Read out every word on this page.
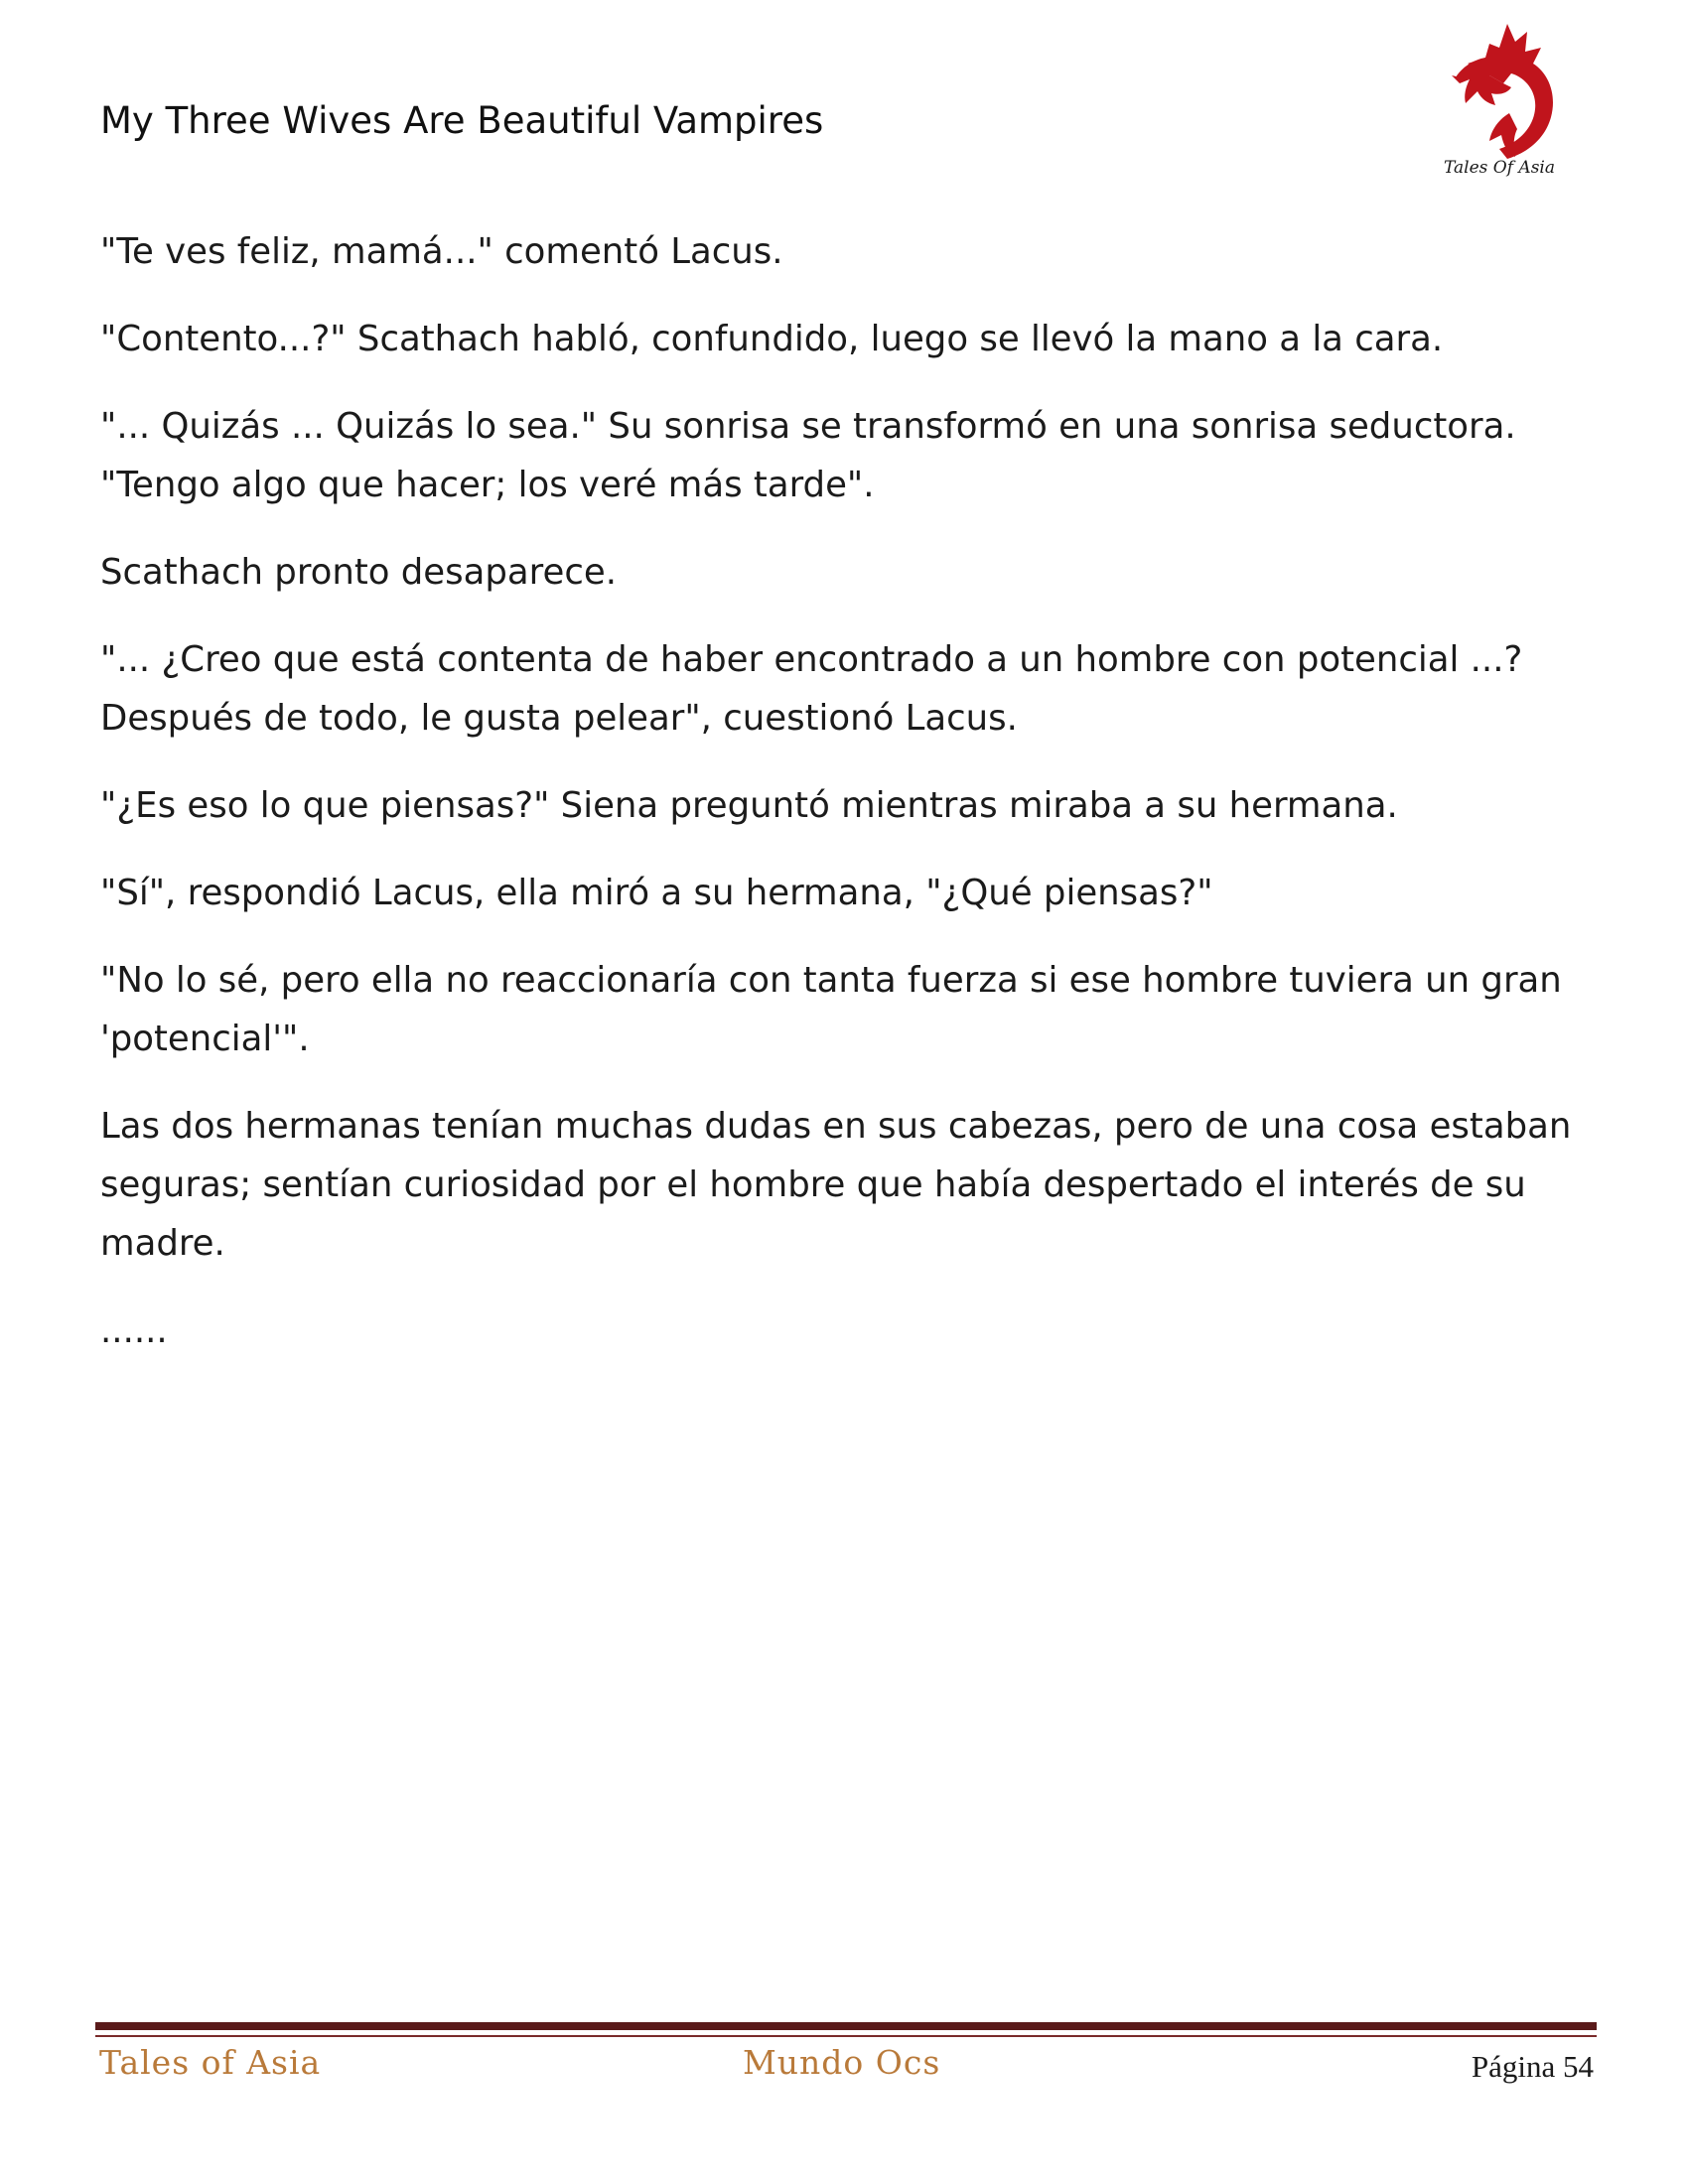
My Three Wives Are Beautiful Vampires
Tales Of Asia

"Te ves feliz, mamá..." comentó Lacus.

"Contento...?" Scathach habló, confundido, luego se llevó la mano a la cara.

"... Quizás ... Quizás lo sea." Su sonrisa se transformó en una sonrisa seductora. "Tengo algo que hacer; los veré más tarde".

Scathach pronto desaparece.

"... ¿Creo que está contenta de haber encontrado a un hombre con potencial ...? Después de todo, le gusta pelear", cuestionó Lacus.

"¿Es eso lo que piensas?" Siena preguntó mientras miraba a su hermana.

"Sí", respondió Lacus, ella miró a su hermana, "¿Qué piensas?"

"No lo sé, pero ella no reaccionaría con tanta fuerza si ese hombre tuviera un gran 'potencial'".

Las dos hermanas tenían muchas dudas en sus cabezas, pero de una cosa estaban seguras; sentían curiosidad por el hombre que había despertado el interés de su madre.

......

Tales of Asia	Mundo Ocs	Página 54
